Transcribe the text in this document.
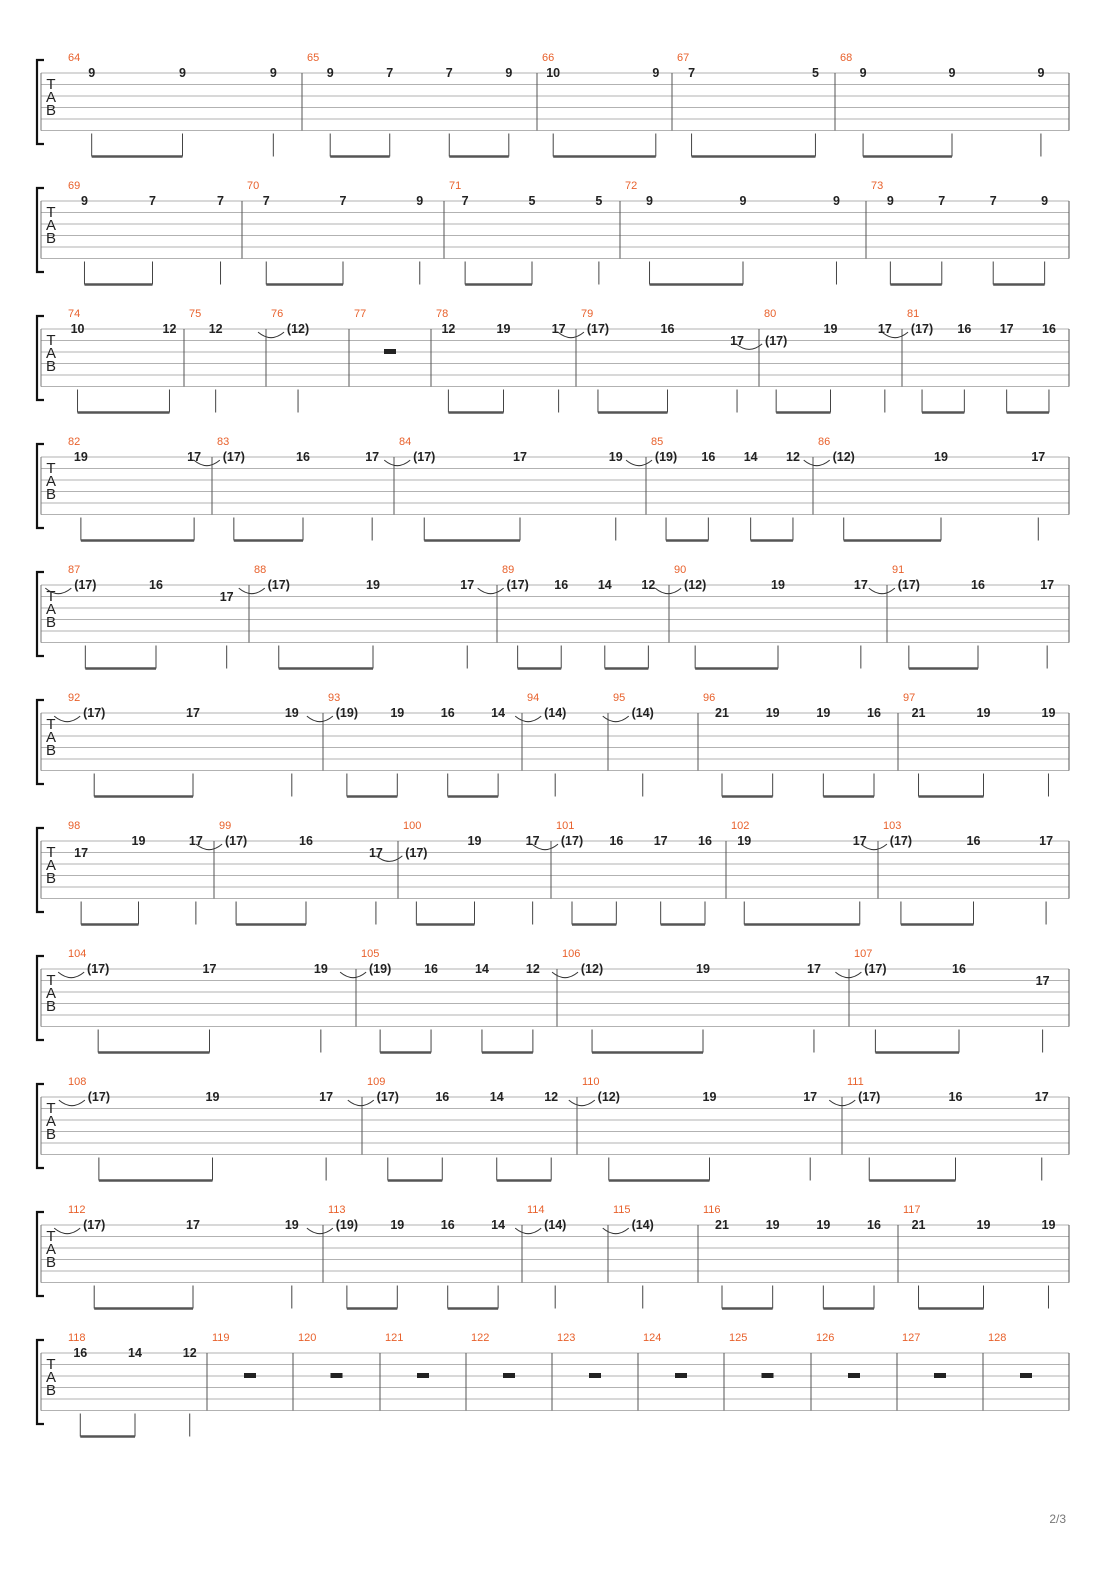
T
A
B
64
9	9	9
65
9	7	7	9
66
10	9
67
7	5
68
9	9	9
T
A
B
69
9	7	7
70
7	7	9
71
7	5	5
72
9	9	9
73
9	7	7	9
T
A
B
74
10	12
75
12
76
(12)
77	78
12	19	17
79
(17)	16
17
80
(17)
19	17
81
(17) 16 17 16
T
A
B
82
19	17
83
(17)	16	17
84
(17)	17	19
85
(19) 16 14 12
86
(12)	19	17
T
A
B
87
(17)	16
17
88
(17)	19	17
89
(17) 16 14 12
90
(12)	19	17
91
(17)	16	17
T
A
B
92
(17)	17	19
93
(19)	19	16	14
94
(14)
95
(14)
96
21	19	19	16
97
21	19	19
T
A
B
98
17
19	17
99
(17)	16
17
100
(17)
19	17
101
(17) 16 17 16
102
19	17
103
(17)	16	17
T
A
B
104
(17)	17	19
105
(19)	16	14	12
106
(12)	19	17
107
(17)	16
17
T
A
B
108
(17)	19	17
109
(17)	16	14	12
110
(12)	19	17
111
(17)	16	17
T
A
B
112
(17)	17	19
113
(19)	19	16	14
114
(14)
115
(14)
116
21	19	19	16
117
21	19	19
T
A
B
118
16	14	12
119	120	121	122	123	124	125	126	127	128
2/3
